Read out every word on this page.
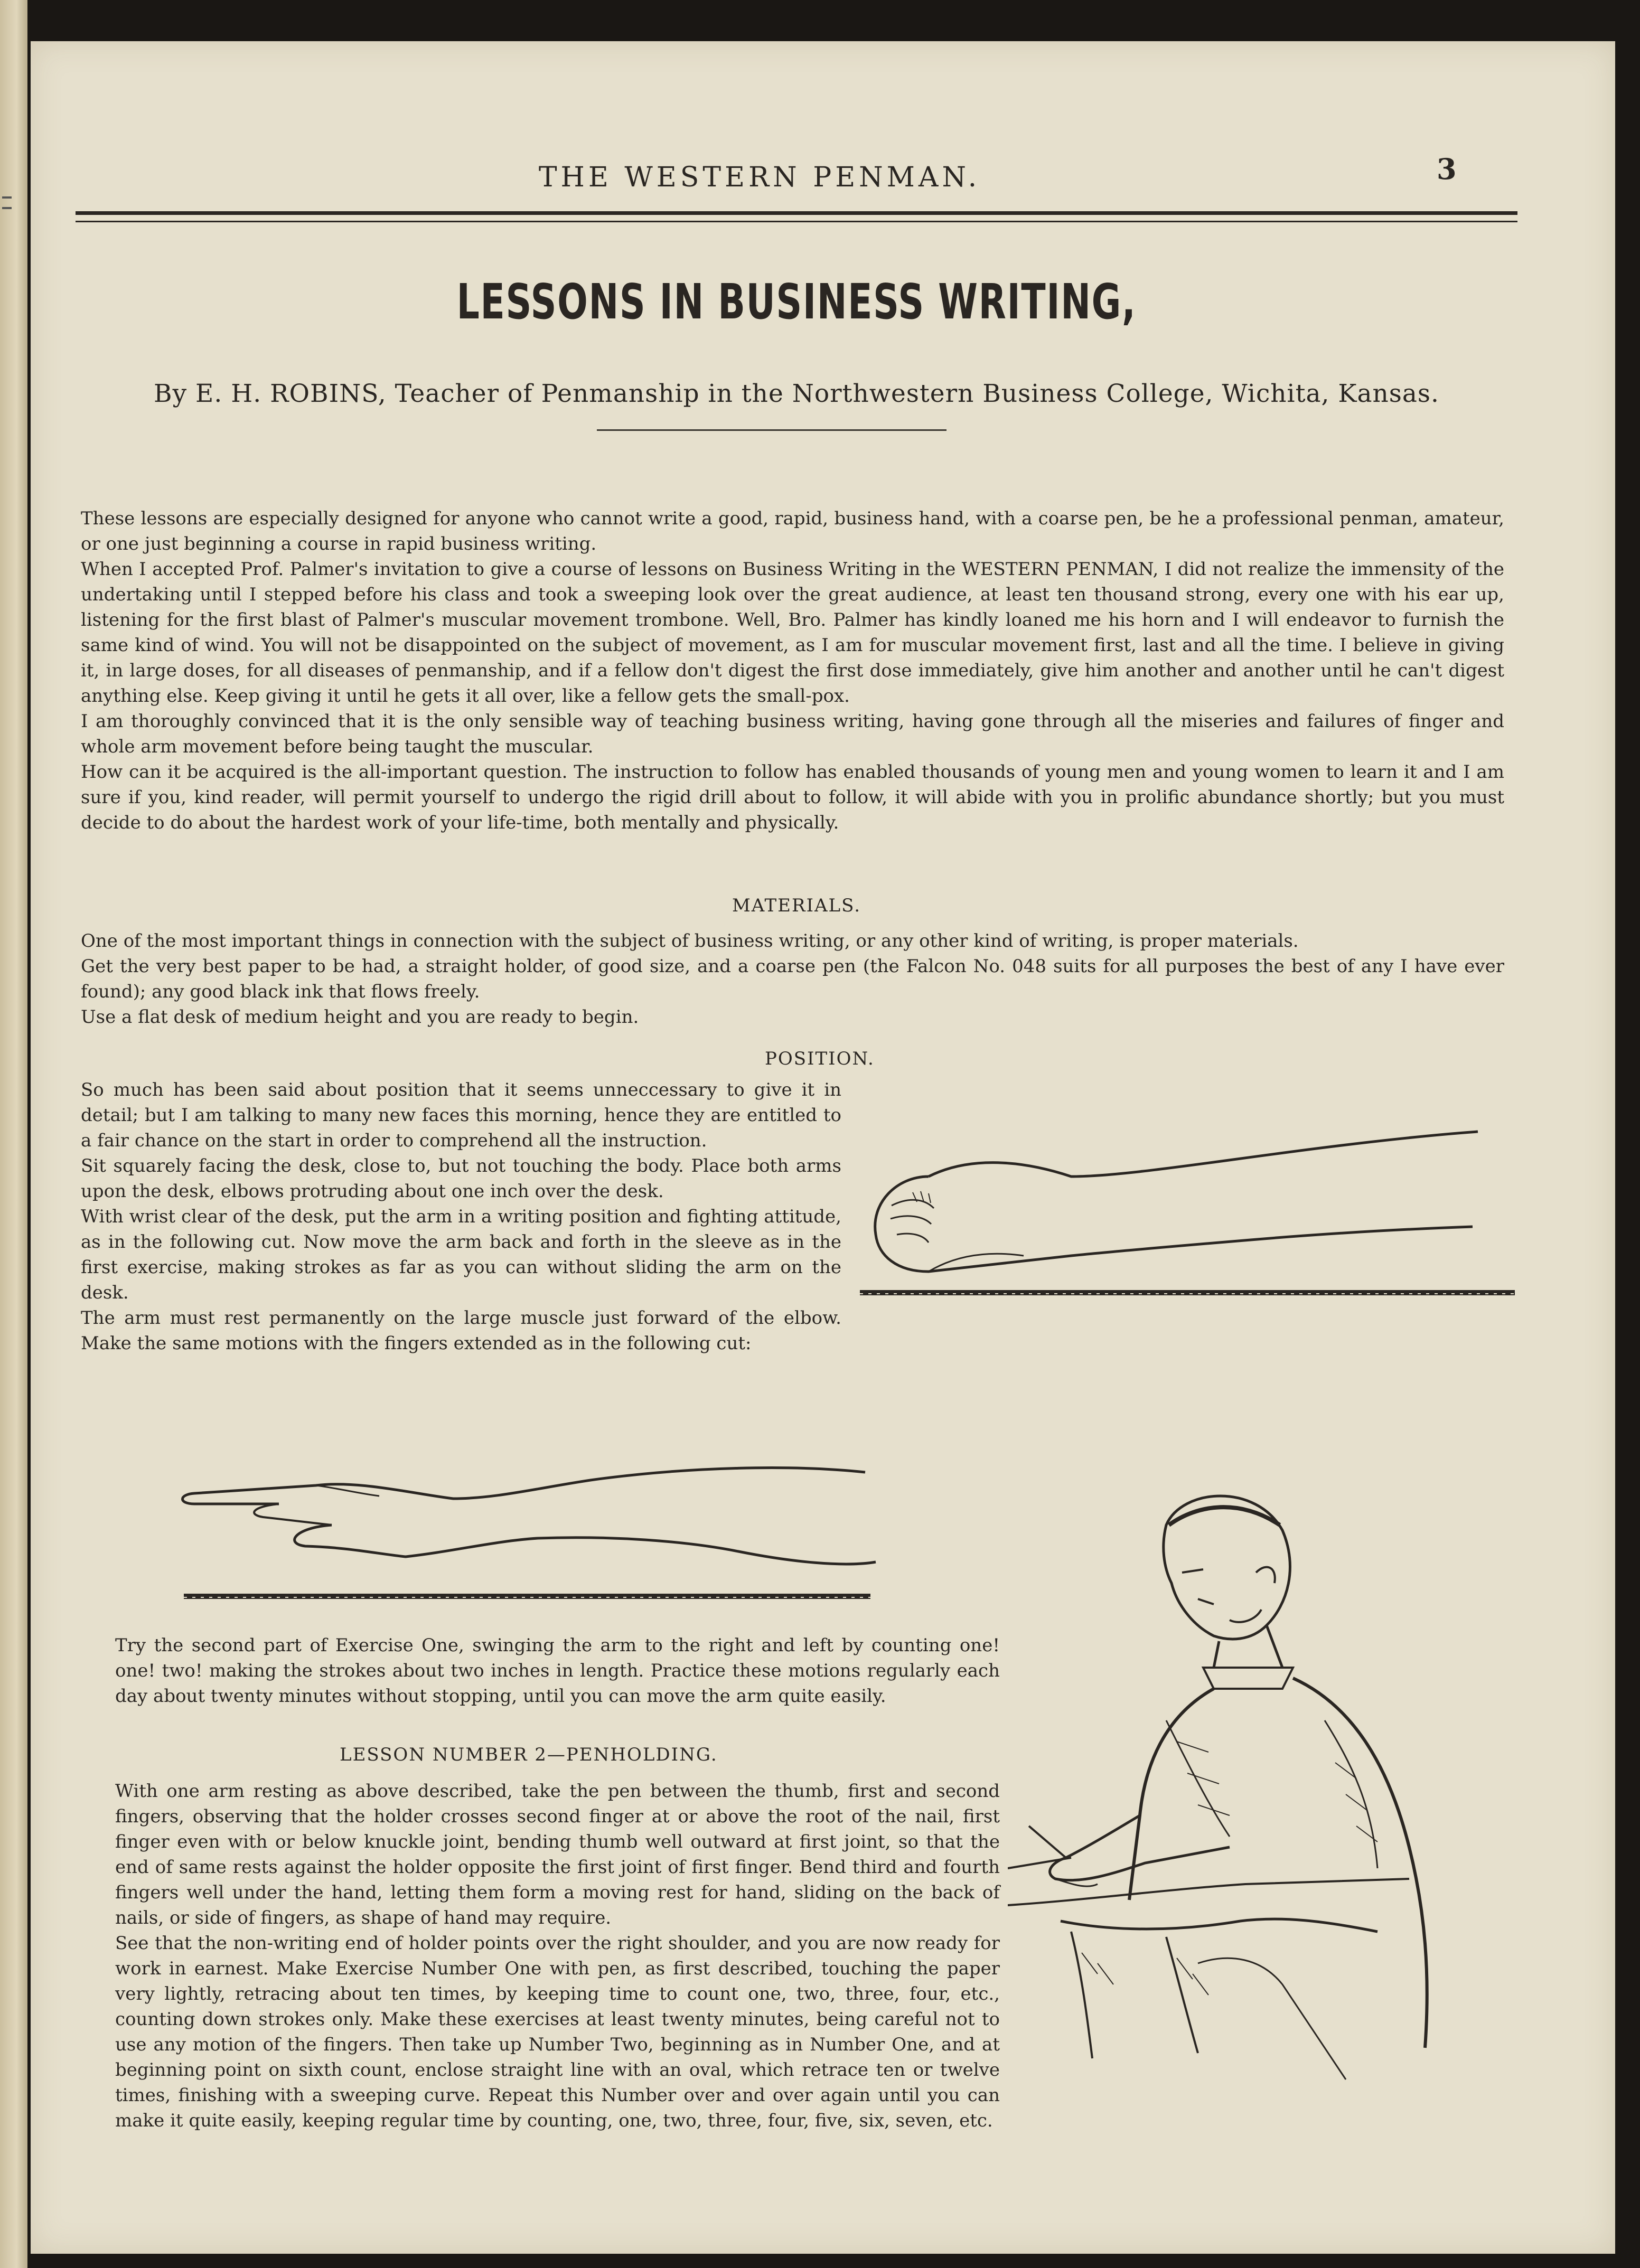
THE WESTERN PENMAN.	3
LESSONS IN BUSINESS WRITING,
By E. H. ROBINS, Teacher of Penmanship in the Northwestern Business College, Wichita, Kansas.

These lessons are especially designed for anyone who cannot write a good, rapid, business hand, with a coarse pen, be he a professional penman, amateur, or one just beginning a course in rapid business writing.

When I accepted Prof. Palmer's invitation to give a course of lessons on Business Writing in the WESTERN PENMAN, I did not realize the immensity of the undertaking until I stepped before his class and took a sweeping look over the great audience, at least ten thousand strong, every one with his ear up, listening for the first blast of Palmer's muscular movement trombone. Well, Bro. Palmer has kindly loaned me his horn and I will endeavor to furnish the same kind of wind. You will not be disappointed on the subject of movement, as I am for muscular movement first, last and all the time. I believe in giving it, in large doses, for all diseases of penmanship, and if a fellow don't digest the first dose immediately, give him another and another until he can't digest anything else. Keep giving it until he gets it all over, like a fellow gets the small-pox.

I am thoroughly convinced that it is the only sensible way of teaching business writing, having gone through all the miseries and failures of finger and whole arm movement before being taught the muscular.

How can it be acquired is the all-important question. The instruction to follow has enabled thousands of young men and young women to learn it and I am sure if you, kind reader, will permit yourself to undergo the rigid drill about to follow, it will abide with you in prolific abundance shortly; but you must decide to do about the hardest work of your life-time, both mentally and physically.

MATERIALS.

One of the most important things in connection with the subject of business writing, or any other kind of writing, is proper materials.

Get the very best paper to be had, a straight holder, of good size, and a coarse pen (the Falcon No. 048 suits for all purposes the best of any I have ever found); any good black ink that flows freely.

Use a flat desk of medium height and you are ready to begin.

POSITION.

So much has been said about position that it seems unneccessary to give it in detail; but I am talking to many new faces this morning, hence they are entitled to a fair chance on the start in order to comprehend all the instruction.

Sit squarely facing the desk, close to, but not touching the body. Place both arms upon the desk, elbows protruding about one inch over the desk.

With wrist clear of the desk, put the arm in a writing position and fighting attitude, as in the following cut. Now move the arm back and forth in the sleeve as in the first exercise, making strokes as far as you can without sliding the arm on the desk.

The arm must rest permanently on the large muscle just forward of the elbow. Make the same motions with the fingers extended as in the following cut:

Try the second part of Exercise One, swinging the arm to the right and left by counting one! one! two! making the strokes about two inches in length. Practice these motions regularly each day about twenty minutes without stopping, until you can move the arm quite easily.

LESSON NUMBER 2—PENHOLDING.

With one arm resting as above described, take the pen between the thumb, first and second fingers, observing that the holder crosses second finger at or above the root of the nail, first finger even with or below knuckle joint, bending thumb well outward at first joint, so that the end of same rests against the holder opposite the first joint of first finger. Bend third and fourth fingers well under the hand, letting them form a moving rest for hand, sliding on the back of nails, or side of fingers, as shape of hand may require.

See that the non-writing end of holder points over the right shoulder, and you are now ready for work in earnest. Make Exercise Number One with pen, as first described, touching the paper very lightly, retracing about ten times, by keeping time to count one, two, three, four, etc., counting down strokes only. Make these exercises at least twenty minutes, being careful not to use any motion of the fingers. Then take up Number Two, beginning as in Number One, and at beginning point on sixth count, enclose straight line with an oval, which retrace ten or twelve times, finishing with a sweeping curve. Repeat this Number over and over again until you can make it quite easily, keeping regular time by counting, one, two, three, four, five, six, seven, etc.
